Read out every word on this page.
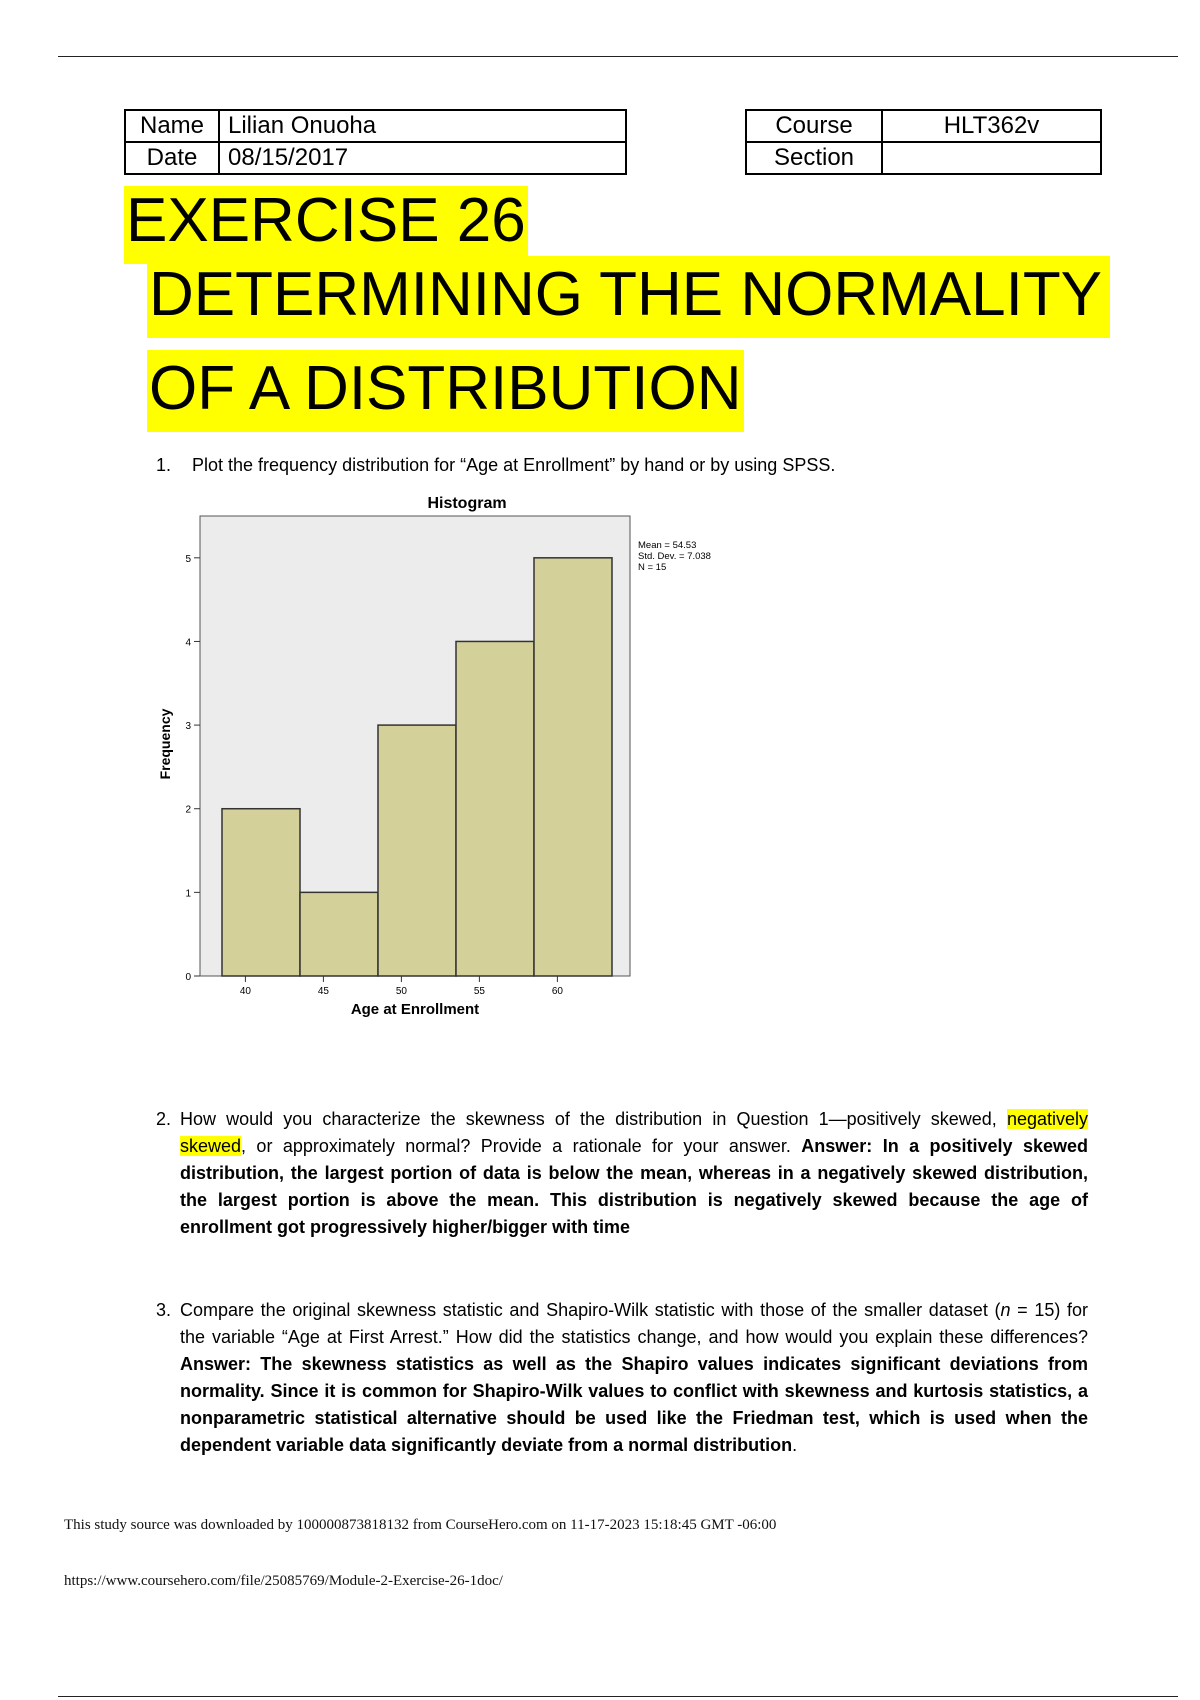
Name	Lilian Onuoha
Date	08/15/2017
Course	HLT362v
Section	
EXERCISE 26
DETERMINING THE NORMALITY
OF A DISTRIBUTION
1. Plot the frequency distribution for “Age at Enrollment” by hand or by using SPSS.
Histogram
0
1
2
3
4
5
40	45	50	55	60
Frequency
Age at Enrollment
Mean = 54.53
Std. Dev. = 7.038
N = 15
2. How would you characterize the skewness of the distribution in Question 1—positively skewed, negatively skewed, or approximately normal? Provide a rationale for your answer. Answer: In a positively skewed distribution, the largest portion of data is below the mean, whereas in a negatively skewed distribution, the largest portion is above the mean. This distribution is negatively skewed because the age of enrollment got progressively higher/bigger with time
3. Compare the original skewness statistic and Shapiro-Wilk statistic with those of the smaller dataset (n = 15) for the variable “Age at First Arrest.” How did the statistics change, and how would you explain these differences? Answer: The skewness statistics as well as the Shapiro values indicates significant deviations from normality. Since it is common for Shapiro-Wilk values to conflict with skewness and kurtosis statistics, a nonparametric statistical alternative should be used like the Friedman test, which is used when the dependent variable data significantly deviate from a normal distribution.
This study source was downloaded by 100000873818132 from CourseHero.com on 11-17-2023 15:18:45 GMT -06:00
https://www.coursehero.com/file/25085769/Module-2-Exercise-26-1doc/
